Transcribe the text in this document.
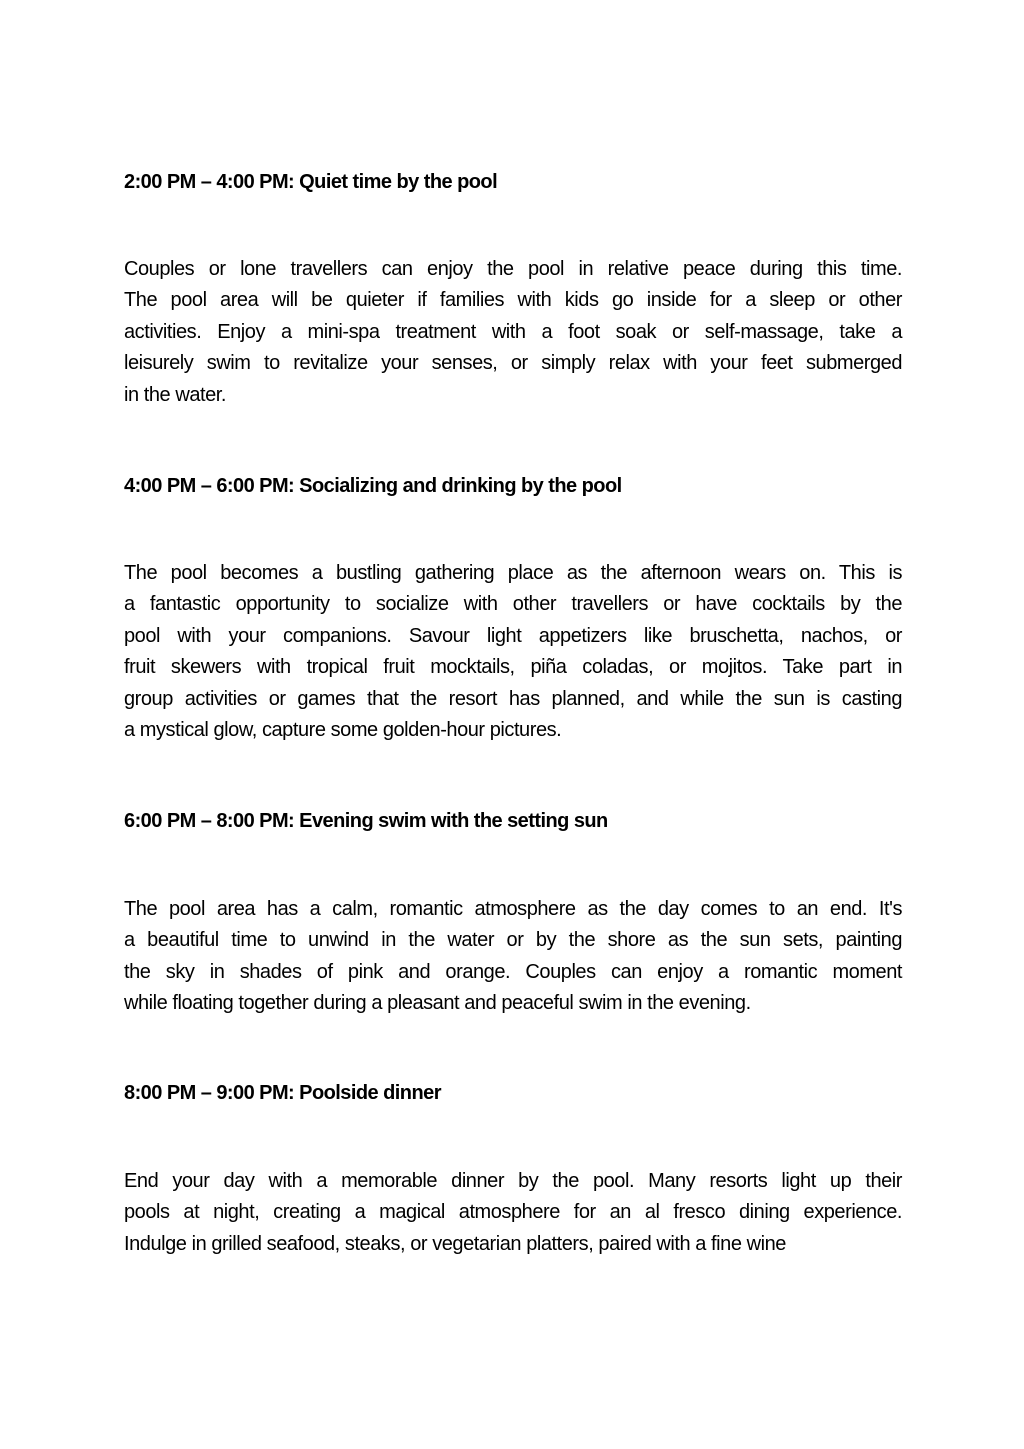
2:00 PM – 4:00 PM: Quiet time by the pool
Couples or lone travellers can enjoy the pool in relative peace during this time.
The pool area will be quieter if families with kids go inside for a sleep or other
activities. Enjoy a mini-spa treatment with a foot soak or self-massage, take a
leisurely swim to revitalize your senses, or simply relax with your feet submerged
in the water.
4:00 PM – 6:00 PM: Socializing and drinking by the pool
The pool becomes a bustling gathering place as the afternoon wears on. This is
a fantastic opportunity to socialize with other travellers or have cocktails by the
pool with your companions. Savour light appetizers like bruschetta, nachos, or
fruit skewers with tropical fruit mocktails, piña coladas, or mojitos. Take part in
group activities or games that the resort has planned, and while the sun is casting
a mystical glow, capture some golden-hour pictures.
6:00 PM – 8:00 PM: Evening swim with the setting sun
The pool area has a calm, romantic atmosphere as the day comes to an end. It's
a beautiful time to unwind in the water or by the shore as the sun sets, painting
the sky in shades of pink and orange. Couples can enjoy a romantic moment
while floating together during a pleasant and peaceful swim in the evening.
8:00 PM – 9:00 PM: Poolside dinner
End your day with a memorable dinner by the pool. Many resorts light up their
pools at night, creating a magical atmosphere for an al fresco dining experience.
Indulge in grilled seafood, steaks, or vegetarian platters, paired with a fine wine
